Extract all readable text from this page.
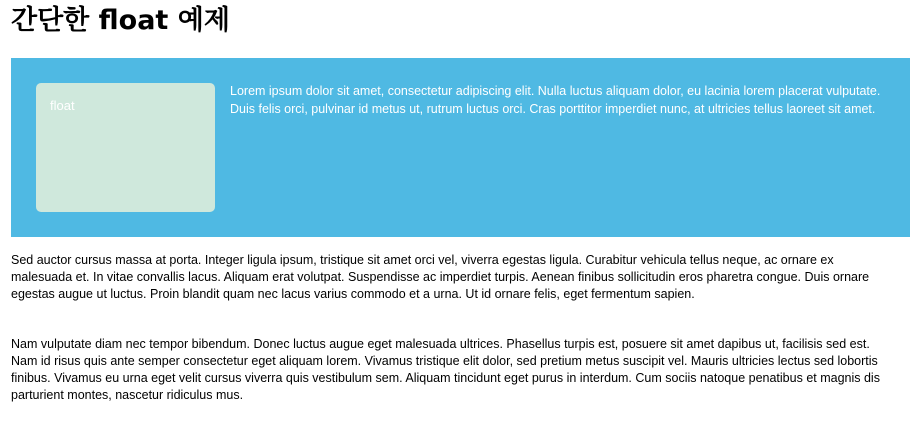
간단한 float 예제
float

Lorem ipsum dolor sit amet, consectetur adipiscing elit. Nulla luctus aliquam dolor, eu lacinia lorem placerat vulputate. Duis felis orci, pulvinar id metus ut, rutrum luctus orci. Cras porttitor imperdiet nunc, at ultricies tellus laoreet sit amet.

Sed auctor cursus massa at porta. Integer ligula ipsum, tristique sit amet orci vel, viverra egestas ligula. Curabitur vehicula tellus neque, ac ornare ex malesuada et. In vitae convallis lacus. Aliquam erat volutpat. Suspendisse ac imperdiet turpis. Aenean finibus sollicitudin eros pharetra congue. Duis ornare egestas augue ut luctus. Proin blandit quam nec lacus varius commodo et a urna. Ut id ornare felis, eget fermentum sapien.

Nam vulputate diam nec tempor bibendum. Donec luctus augue eget malesuada ultrices. Phasellus turpis est, posuere sit amet dapibus ut, facilisis sed est. Nam id risus quis ante semper consectetur eget aliquam lorem. Vivamus tristique elit dolor, sed pretium metus suscipit vel. Mauris ultricies lectus sed lobortis finibus. Vivamus eu urna eget velit cursus viverra quis vestibulum sem. Aliquam tincidunt eget purus in interdum. Cum sociis natoque penatibus et magnis dis parturient montes, nascetur ridiculus mus.
